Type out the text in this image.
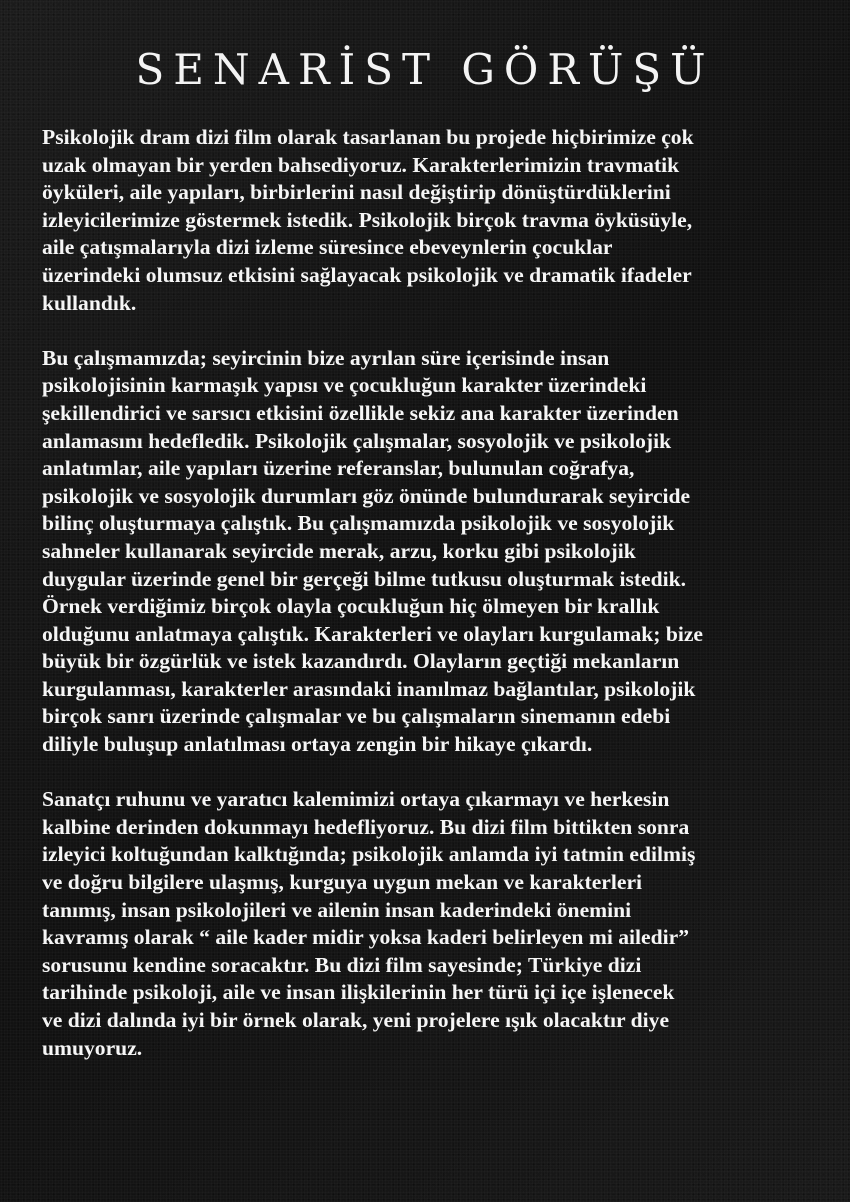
SENARİST GÖRÜŞÜ

Psikolojik dram dizi film olarak tasarlanan bu projede hiçbirimize çok
uzak olmayan bir yerden bahsediyoruz. Karakterlerimizin travmatik
öyküleri, aile yapıları, birbirlerini nasıl değiştirip dönüştürdüklerini
izleyicilerimize göstermek istedik. Psikolojik birçok travma öyküsüyle,
aile çatışmalarıyla dizi izleme süresince ebeveynlerin çocuklar
üzerindeki olumsuz etkisini sağlayacak psikolojik ve dramatik ifadeler
kullandık.

Bu çalışmamızda; seyircinin bize ayrılan süre içerisinde insan
psikolojisinin karmaşık yapısı ve çocukluğun karakter üzerindeki
şekillendirici ve sarsıcı etkisini özellikle sekiz ana karakter üzerinden
anlamasını hedefledik. Psikolojik çalışmalar, sosyolojik ve psikolojik
anlatımlar, aile yapıları üzerine referanslar, bulunulan coğrafya,
psikolojik ve sosyolojik durumları göz önünde bulundurarak seyircide
bilinç oluşturmaya çalıştık. Bu çalışmamızda psikolojik ve sosyolojik
sahneler kullanarak seyircide merak, arzu, korku gibi psikolojik
duygular üzerinde genel bir gerçeği bilme tutkusu oluşturmak istedik.
Örnek verdiğimiz birçok olayla çocukluğun hiç ölmeyen bir krallık
olduğunu anlatmaya çalıştık. Karakterleri ve olayları kurgulamak; bize
büyük bir özgürlük ve istek kazandırdı. Olayların geçtiği mekanların
kurgulanması, karakterler arasındaki inanılmaz bağlantılar, psikolojik
birçok sanrı üzerinde çalışmalar ve bu çalışmaların sinemanın edebi
diliyle buluşup anlatılması ortaya zengin bir hikaye çıkardı.

Sanatçı ruhunu ve yaratıcı kalemimizi ortaya çıkarmayı ve herkesin
kalbine derinden dokunmayı hedefliyoruz. Bu dizi film bittikten sonra
izleyici koltuğundan kalktığında; psikolojik anlamda iyi tatmin edilmiş
ve doğru bilgilere ulaşmış, kurguya uygun mekan ve karakterleri
tanımış, insan psikolojileri ve ailenin insan kaderindeki önemini
kavramış olarak “ aile kader midir yoksa kaderi belirleyen mi ailedir”
sorusunu kendine soracaktır. Bu dizi film sayesinde; Türkiye dizi
tarihinde psikoloji, aile ve insan ilişkilerinin her türü içi içe işlenecek
ve dizi dalında iyi bir örnek olarak, yeni projelere ışık olacaktır diye
umuyoruz.
